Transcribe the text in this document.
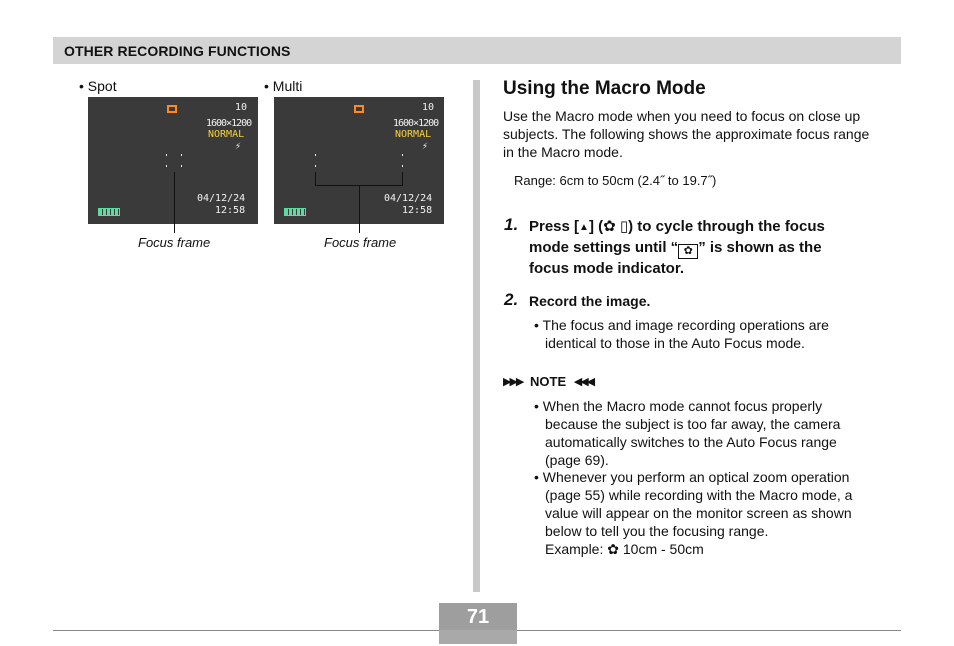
OTHER RECORDING FUNCTIONS
• Spot	• Multi
10
1600×1200
NORMAL
⚡
04/12/24
12:58
10
1600×1200
NORMAL
⚡
04/12/24
12:58
Focus frame	Focus frame
Using the Macro Mode
Use the Macro mode when you need to focus on close up
subjects. The following shows the approximate focus range
in the Macro mode.
Range: 6cm to 50cm (2.4˝ to 19.7˝)
1. Press [▲] (✿ ▯) to cycle through the focus
mode settings until “ ✿ ” is shown as the
focus mode indicator.
2. Record the image.
• The focus and image recording operations are
identical to those in the Auto Focus mode.
▶▶▶ NOTE ◀◀◀
• When the Macro mode cannot focus properly
because the subject is too far away, the camera
automatically switches to the Auto Focus range
(page 69).
• Whenever you perform an optical zoom operation
(page 55) while recording with the Macro mode, a
value will appear on the monitor screen as shown
below to tell you the focusing range.
Example: ✿ 10cm - 50cm
71
